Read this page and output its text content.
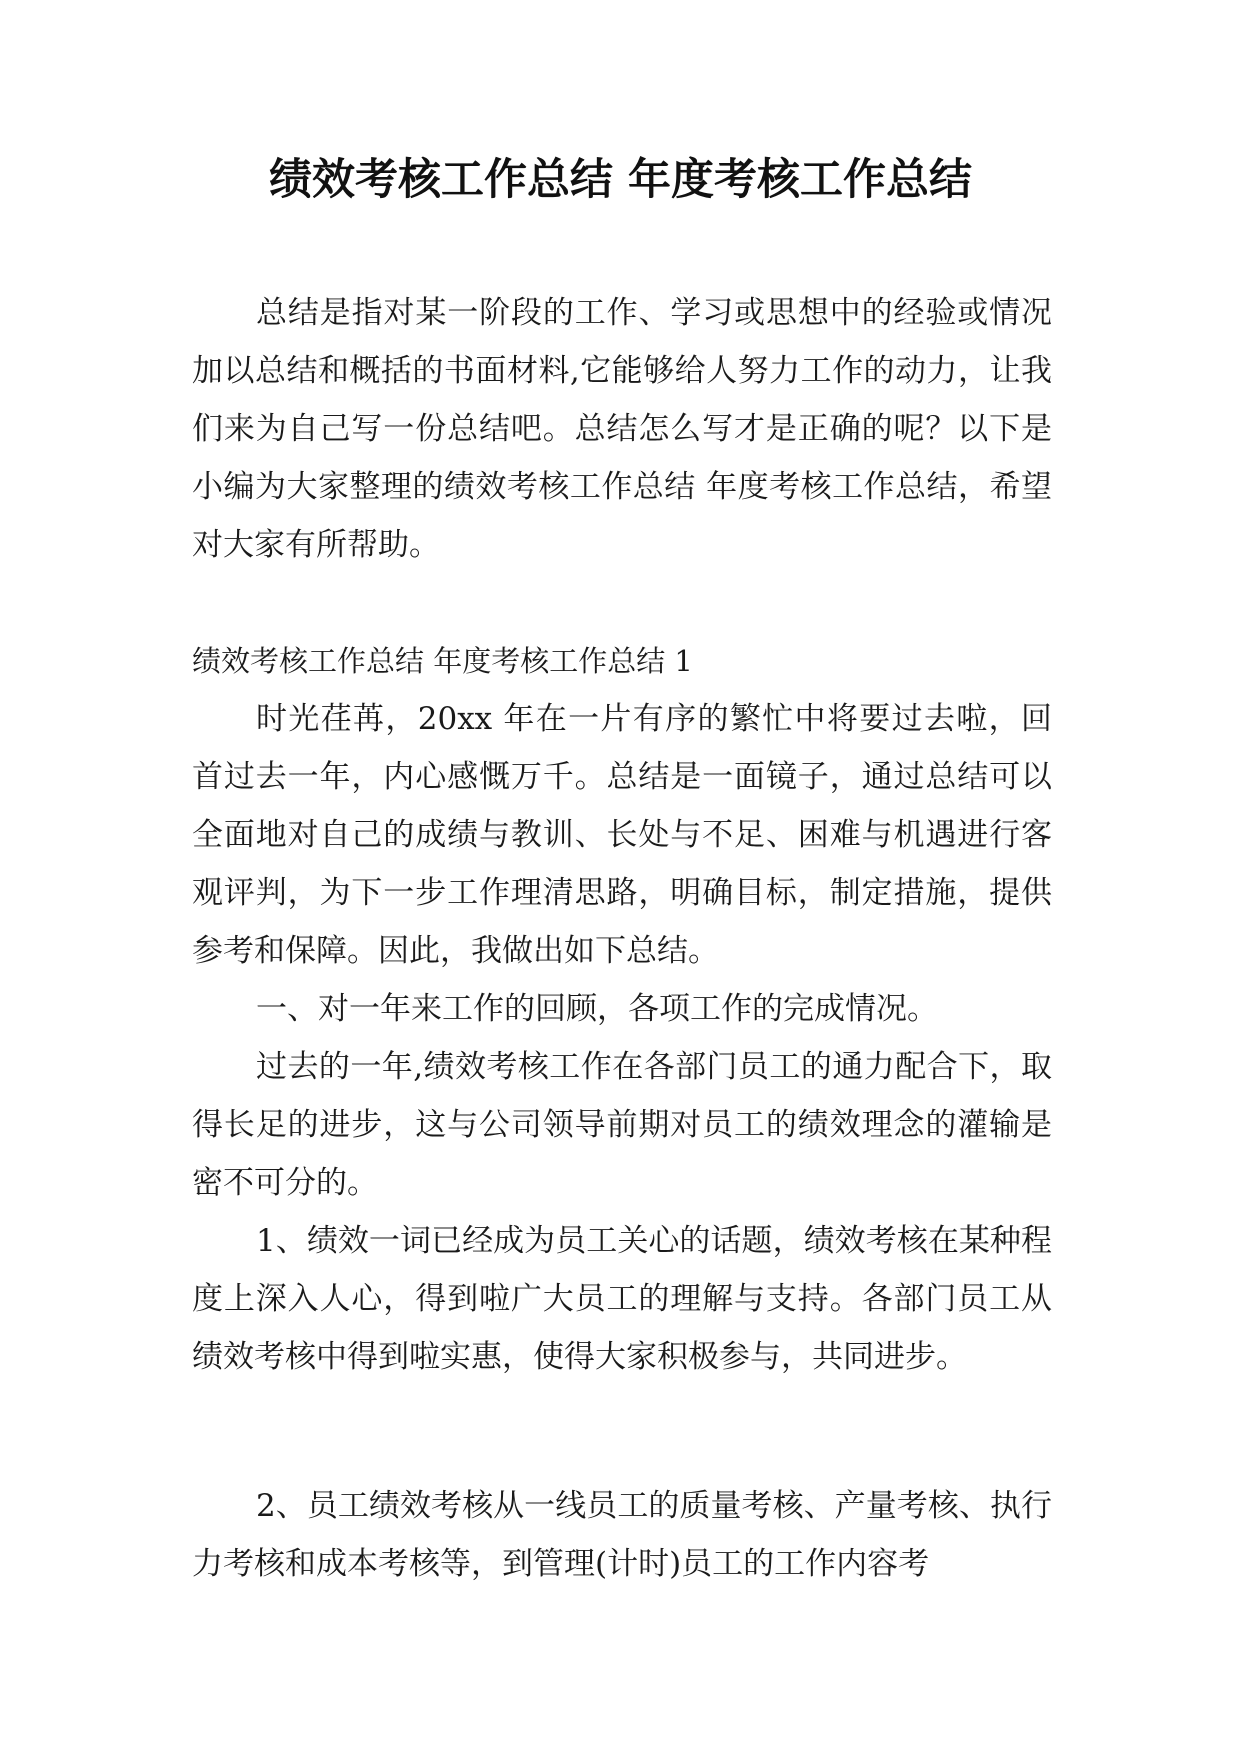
绩效考核工作总结 年度考核工作总结

总结是指对某一阶段的工作、学习或思想中的经验或情况加以总结和概括的书面材料,它能够给人努力工作的动力，让我们来为自己写一份总结吧。总结怎么写才是正确的呢？以下是小编为大家整理的绩效考核工作总结 年度考核工作总结，希望对大家有所帮助。

绩效考核工作总结 年度考核工作总结 1

时光荏苒，20xx 年在一片有序的繁忙中将要过去啦，回首过去一年，内心感慨万千。总结是一面镜子，通过总结可以全面地对自己的成绩与教训、长处与不足、困难与机遇进行客观评判，为下一步工作理清思路，明确目标，制定措施，提供参考和保障。因此，我做出如下总结。

一、对一年来工作的回顾，各项工作的完成情况。

过去的一年,绩效考核工作在各部门员工的通力配合下，取得长足的进步，这与公司领导前期对员工的绩效理念的灌输是密不可分的。

1、绩效一词已经成为员工关心的话题，绩效考核在某种程度上深入人心，得到啦广大员工的理解与支持。各部门员工从绩效考核中得到啦实惠，使得大家积极参与，共同进步。

2、员工绩效考核从一线员工的质量考核、产量考核、执行力考核和成本考核等，到管理(计时)员工的工作内容考
